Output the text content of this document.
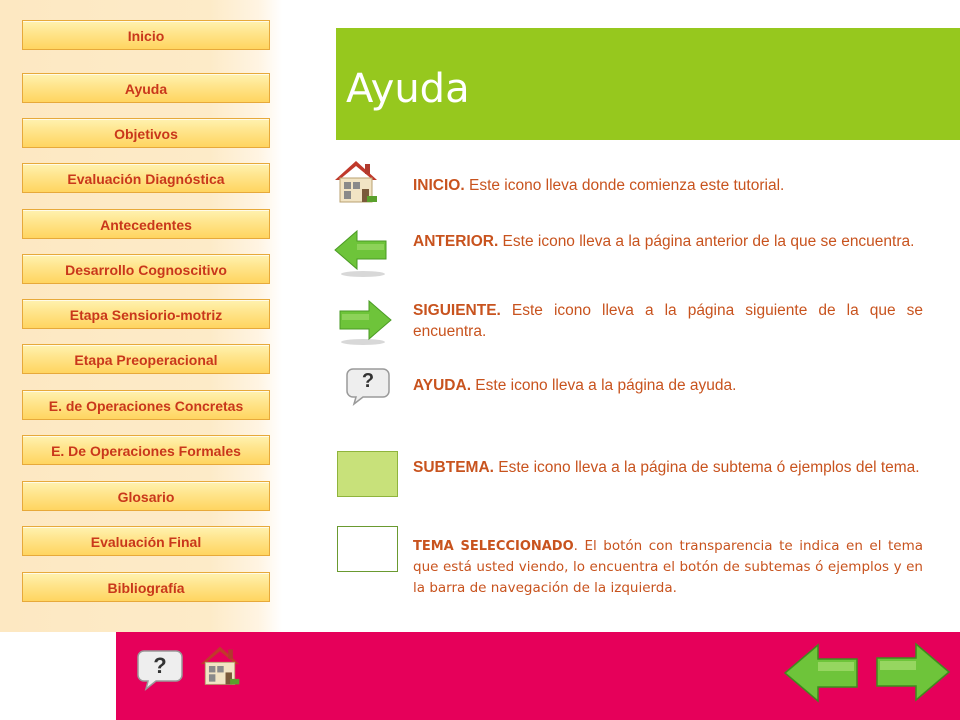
Inicio
Ayuda
Objetivos
Evaluación Diagnóstica
Antecedentes
Desarrollo Cognoscitivo
Etapa Sensiorio-motriz
Etapa Preoperacional
E. de Operaciones Concretas
E. De Operaciones Formales
Glosario
Evaluación Final
Bibliografía
Ayuda
INICIO. Este icono lleva donde comienza este tutorial.
ANTERIOR. Este icono lleva a la página anterior de la que se encuentra.
SIGUIENTE. Este icono lleva a la página siguiente de la que se encuentra.
?	AYUDA. Este icono lleva a la página de ayuda.
SUBTEMA. Este icono lleva a la página de subtema ó ejemplos del tema.
TEMA SELECCIONADO. El botón con transparencia te indica en el tema que está usted viendo, lo encuentra el botón de subtemas ó ejemplos y en la barra de navegación de la izquierda.
?
